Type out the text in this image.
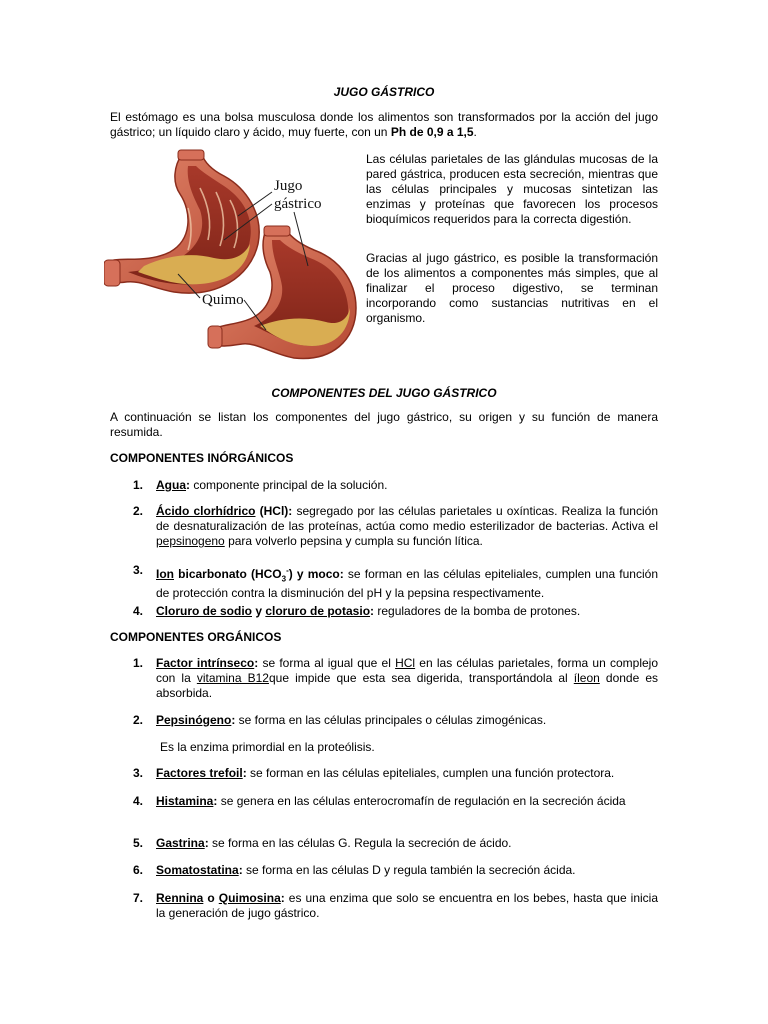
JUGO GÁSTRICO
El estómago es una bolsa musculosa donde los alimentos son transformados por la acción del jugo gástrico; un líquido claro y ácido, muy fuerte, con un Ph de 0,9 a 1,5.
Jugo
gástrico
Quimo
Las células parietales de las glándulas mucosas de la pared gástrica, producen esta secreción, mientras que las células principales y mucosas sintetizan las enzimas y proteínas que favorecen los procesos bioquímicos requeridos para la correcta digestión.
Gracias al jugo gástrico, es posible la transformación de los alimentos a componentes más simples, que al finalizar el proceso digestivo, se terminan incorporando como sustancias nutritivas en el organismo.
COMPONENTES DEL JUGO GÁSTRICO
A continuación se listan los componentes del jugo gástrico, su origen y su función de manera resumida.
COMPONENTES INÓRGÁNICOS
1. Agua: componente principal de la solución.
2. Ácido clorhídrico (HCl): segregado por las células parietales u oxínticas. Realiza la función de desnaturalización de las proteínas, actúa como medio esterilizador de bacterias. Activa el pepsinogeno para volverlo pepsina y cumpla su función lítica.
3. Ion bicarbonato $(HCO_3^-)$ y moco: se forman en las células epiteliales, cumplen una función de protección contra la disminución del pH y la pepsina respectivamente.
4. Cloruro de sodio y cloruro de potasio: reguladores de la bomba de protones.
COMPONENTES ORGÁNICOS
1. Factor intrínseco: se forma al igual que el HCl en las células parietales, forma un complejo con la vitamina B12que impide que esta sea digerida, transportándola al íleon donde es absorbida.
2. Pepsinógeno: se forma en las células principales o células zimogénicas.
Es la enzima primordial en la proteólisis.
3. Factores trefoil: se forman en las células epiteliales, cumplen una función protectora.
4. Histamina: se genera en las células enterocromafín de regulación en la secreción ácida
5. Gastrina: se forma en las células G. Regula la secreción de ácido.
6. Somatostatina: se forma en las células D y regula también la secreción ácida.
7. Rennina o Quimosina: es una enzima que solo se encuentra en los bebes, hasta que inicia la generación de jugo gástrico.
